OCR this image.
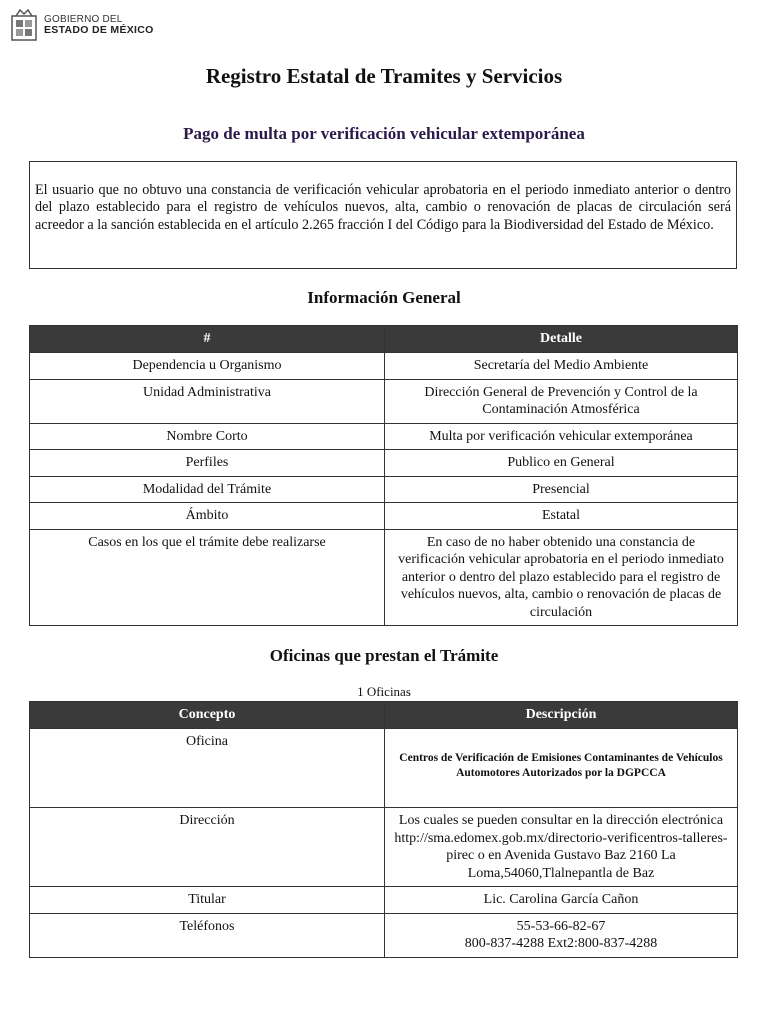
GOBIERNO DEL
ESTADO DE MÉXICO
Registro Estatal de Tramites y Servicios
Pago de multa por verificación vehicular extemporánea
El usuario que no obtuvo una constancia de verificación vehicular aprobatoria en el periodo inmediato anterior o dentro del plazo establecido para el registro de vehículos nuevos, alta, cambio o renovación de placas de circulación será acreedor a la sanción establecida en el artículo 2.265 fracción I del Código para la Biodiversidad del Estado de México.
Información General
#	Detalle
Dependencia u Organismo	Secretaría del Medio Ambiente
Unidad Administrativa	Dirección General de Prevención y Control de la Contaminación Atmosférica
Nombre Corto	Multa por verificación vehicular extemporánea
Perfiles	Publico en General
Modalidad del Trámite	Presencial
Ámbito	Estatal
Casos en los que el trámite debe realizarse	En caso de no haber obtenido una constancia de verificación vehicular aprobatoria en el periodo inmediato anterior o dentro del plazo establecido para el registro de vehículos nuevos, alta, cambio o renovación de placas de circulación
Oficinas que prestan el Trámite
1 Oficinas
Concepto	Descripción
Oficina	Centros de Verificación de Emisiones Contaminantes de Vehículos Automotores Autorizados por la DGPCCA

Dirección	Los cuales se pueden consultar en la dirección electrónica http://sma.edomex.gob.mx/directorio-verificentros-talleres-pirec o en Avenida Gustavo Baz 2160 La Loma,54060,Tlalnepantla de Baz
Titular	Lic. Carolina García Cañon
Teléfonos	55-53-66-82-67
800-837-4288 Ext2:800-837-4288
